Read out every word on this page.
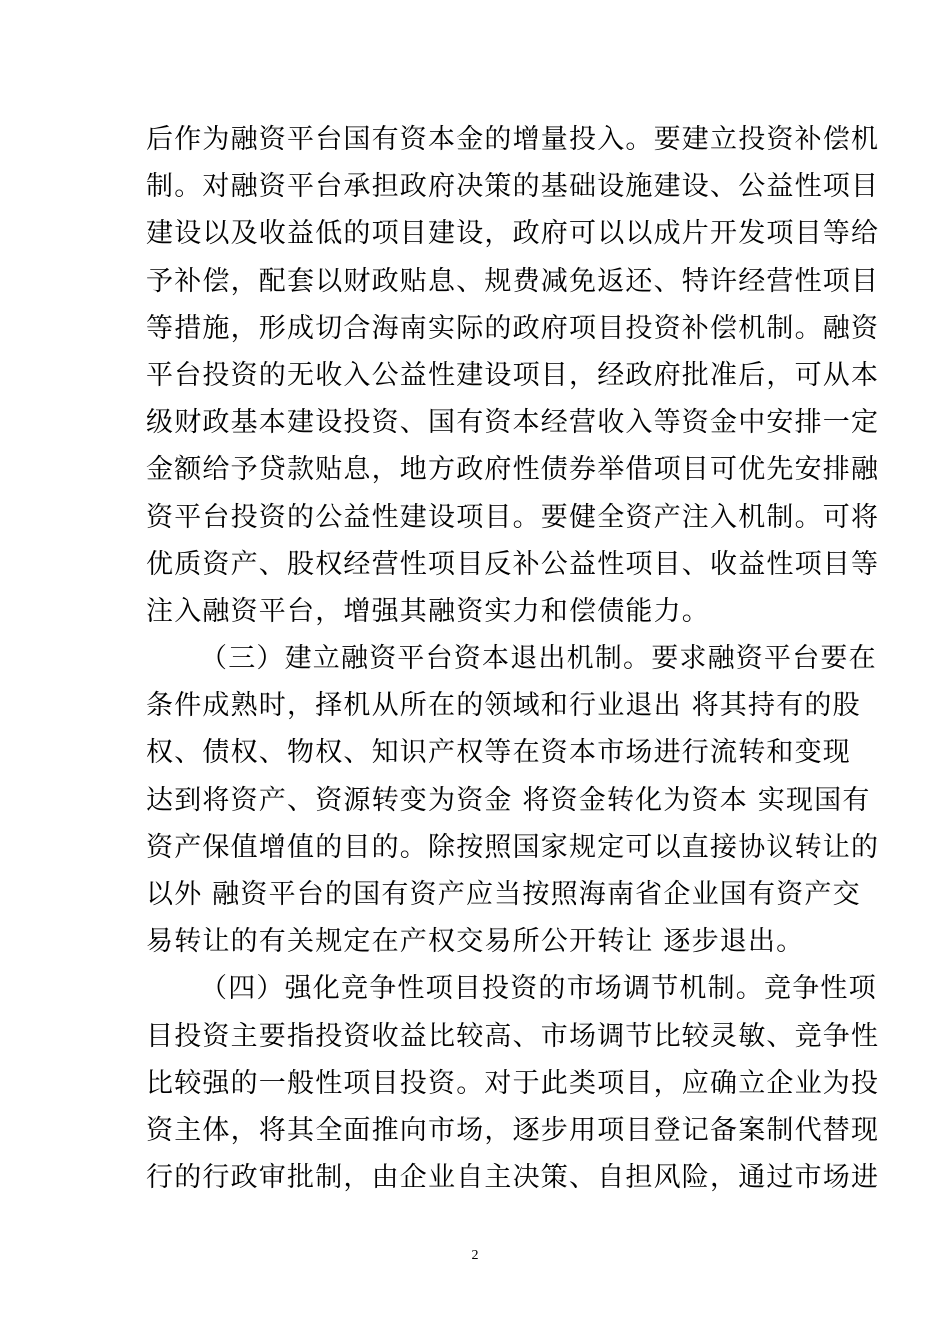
后作为融资平台国有资本金的增量投入。要建立投资补偿机
制。对融资平台承担政府决策的基础设施建设、公益性项目
建设以及收益低的项目建设，政府可以以成片开发项目等给
予补偿，配套以财政贴息、规费减免返还、特许经营性项目
等措施，形成切合海南实际的政府项目投资补偿机制。融资
平台投资的无收入公益性建设项目，经政府批准后，可从本
级财政基本建设投资、国有资本经营收入等资金中安排一定
金额给予贷款贴息，地方政府性债券举借项目可优先安排融
资平台投资的公益性建设项目。要健全资产注入机制。可将
优质资产、股权经营性项目反补公益性项目、收益性项目等
注入融资平台，增强其融资实力和偿债能力。
（三）建立融资平台资本退出机制。要求融资平台要在
条件成熟时，择机从所在的领域和行业退出 将其持有的股
权、债权、物权、知识产权等在资本市场进行流转和变现
达到将资产、资源转变为资金 将资金转化为资本 实现国有
资产保值增值的目的。除按照国家规定可以直接协议转让的
以外 融资平台的国有资产应当按照海南省企业国有资产交
易转让的有关规定在产权交易所公开转让 逐步退出。
（四）强化竞争性项目投资的市场调节机制。竞争性项
目投资主要指投资收益比较高、市场调节比较灵敏、竞争性
比较强的一般性项目投资。对于此类项目，应确立企业为投
资主体，将其全面推向市场，逐步用项目登记备案制代替现
行的行政审批制，由企业自主决策、自担风险，通过市场进
2
